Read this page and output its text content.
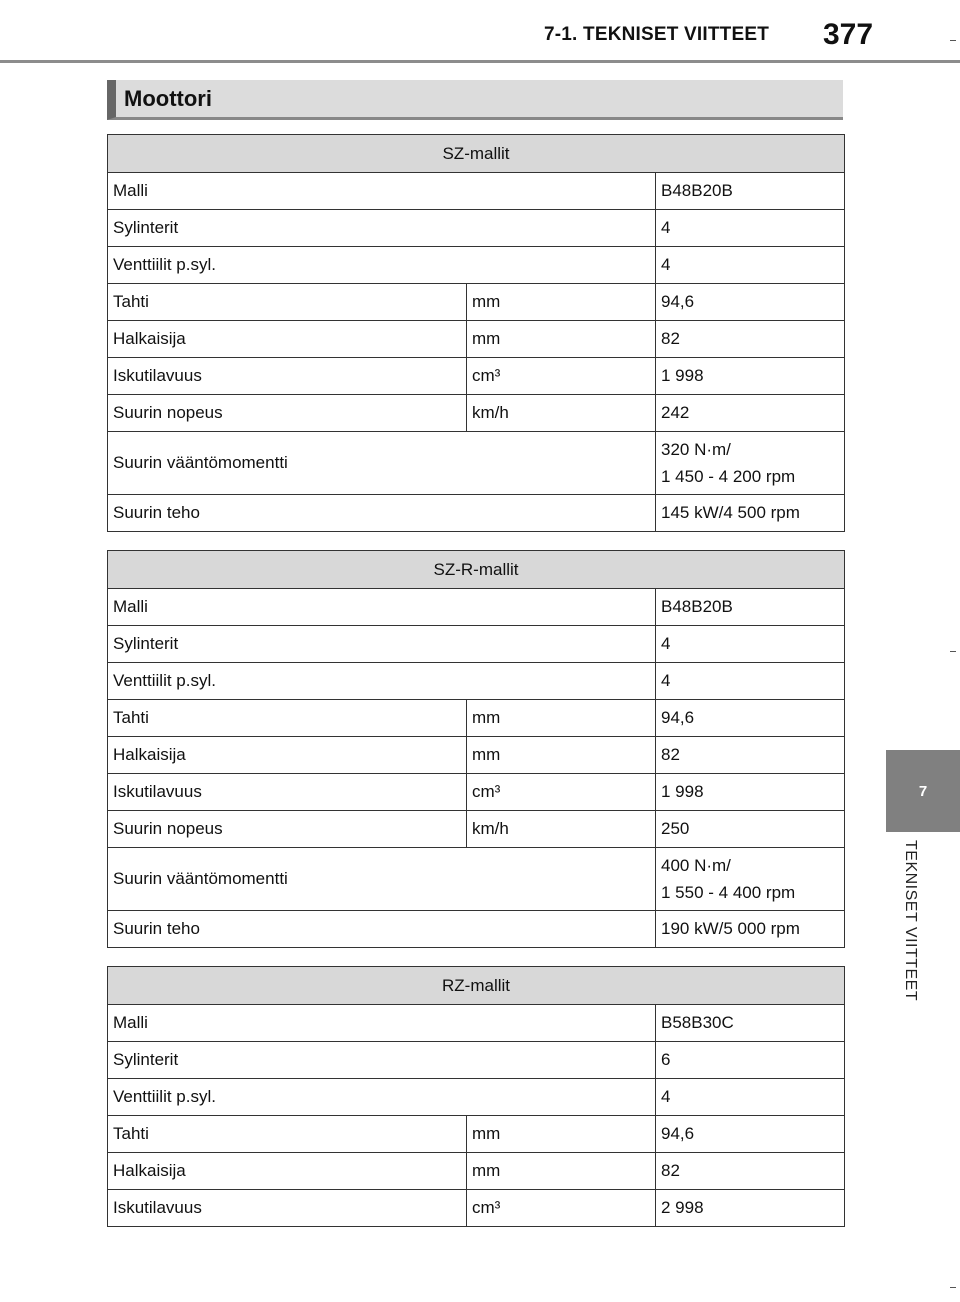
7-1. TEKNISET VIITTEET 377
7
TEKNISET VIITTEET
Moottori
SZ-mallit		
Malli		B48B20B
Sylinterit		4
Venttiilit p.syl.		4
Tahti	mm	94,6
Halkaisija	mm	82
Iskutilavuus	cm³	1 998
Suurin nopeus	km/h	242
Suurin vääntömomentti		320 N·m/
1 450 - 4 200 rpm

Suurin teho		145 kW/4 500 rpm
SZ-R-mallit		
Malli		B48B20B
Sylinterit		4
Venttiilit p.syl.		4
Tahti	mm	94,6
Halkaisija	mm	82
Iskutilavuus	cm³	1 998
Suurin nopeus	km/h	250
Suurin vääntömomentti		400 N·m/
1 550 - 4 400 rpm

Suurin teho		190 kW/5 000 rpm
RZ-mallit		
Malli		B58B30C
Sylinterit		6
Venttiilit p.syl.		4
Tahti	mm	94,6
Halkaisija	mm	82
Iskutilavuus	cm³	2 998
